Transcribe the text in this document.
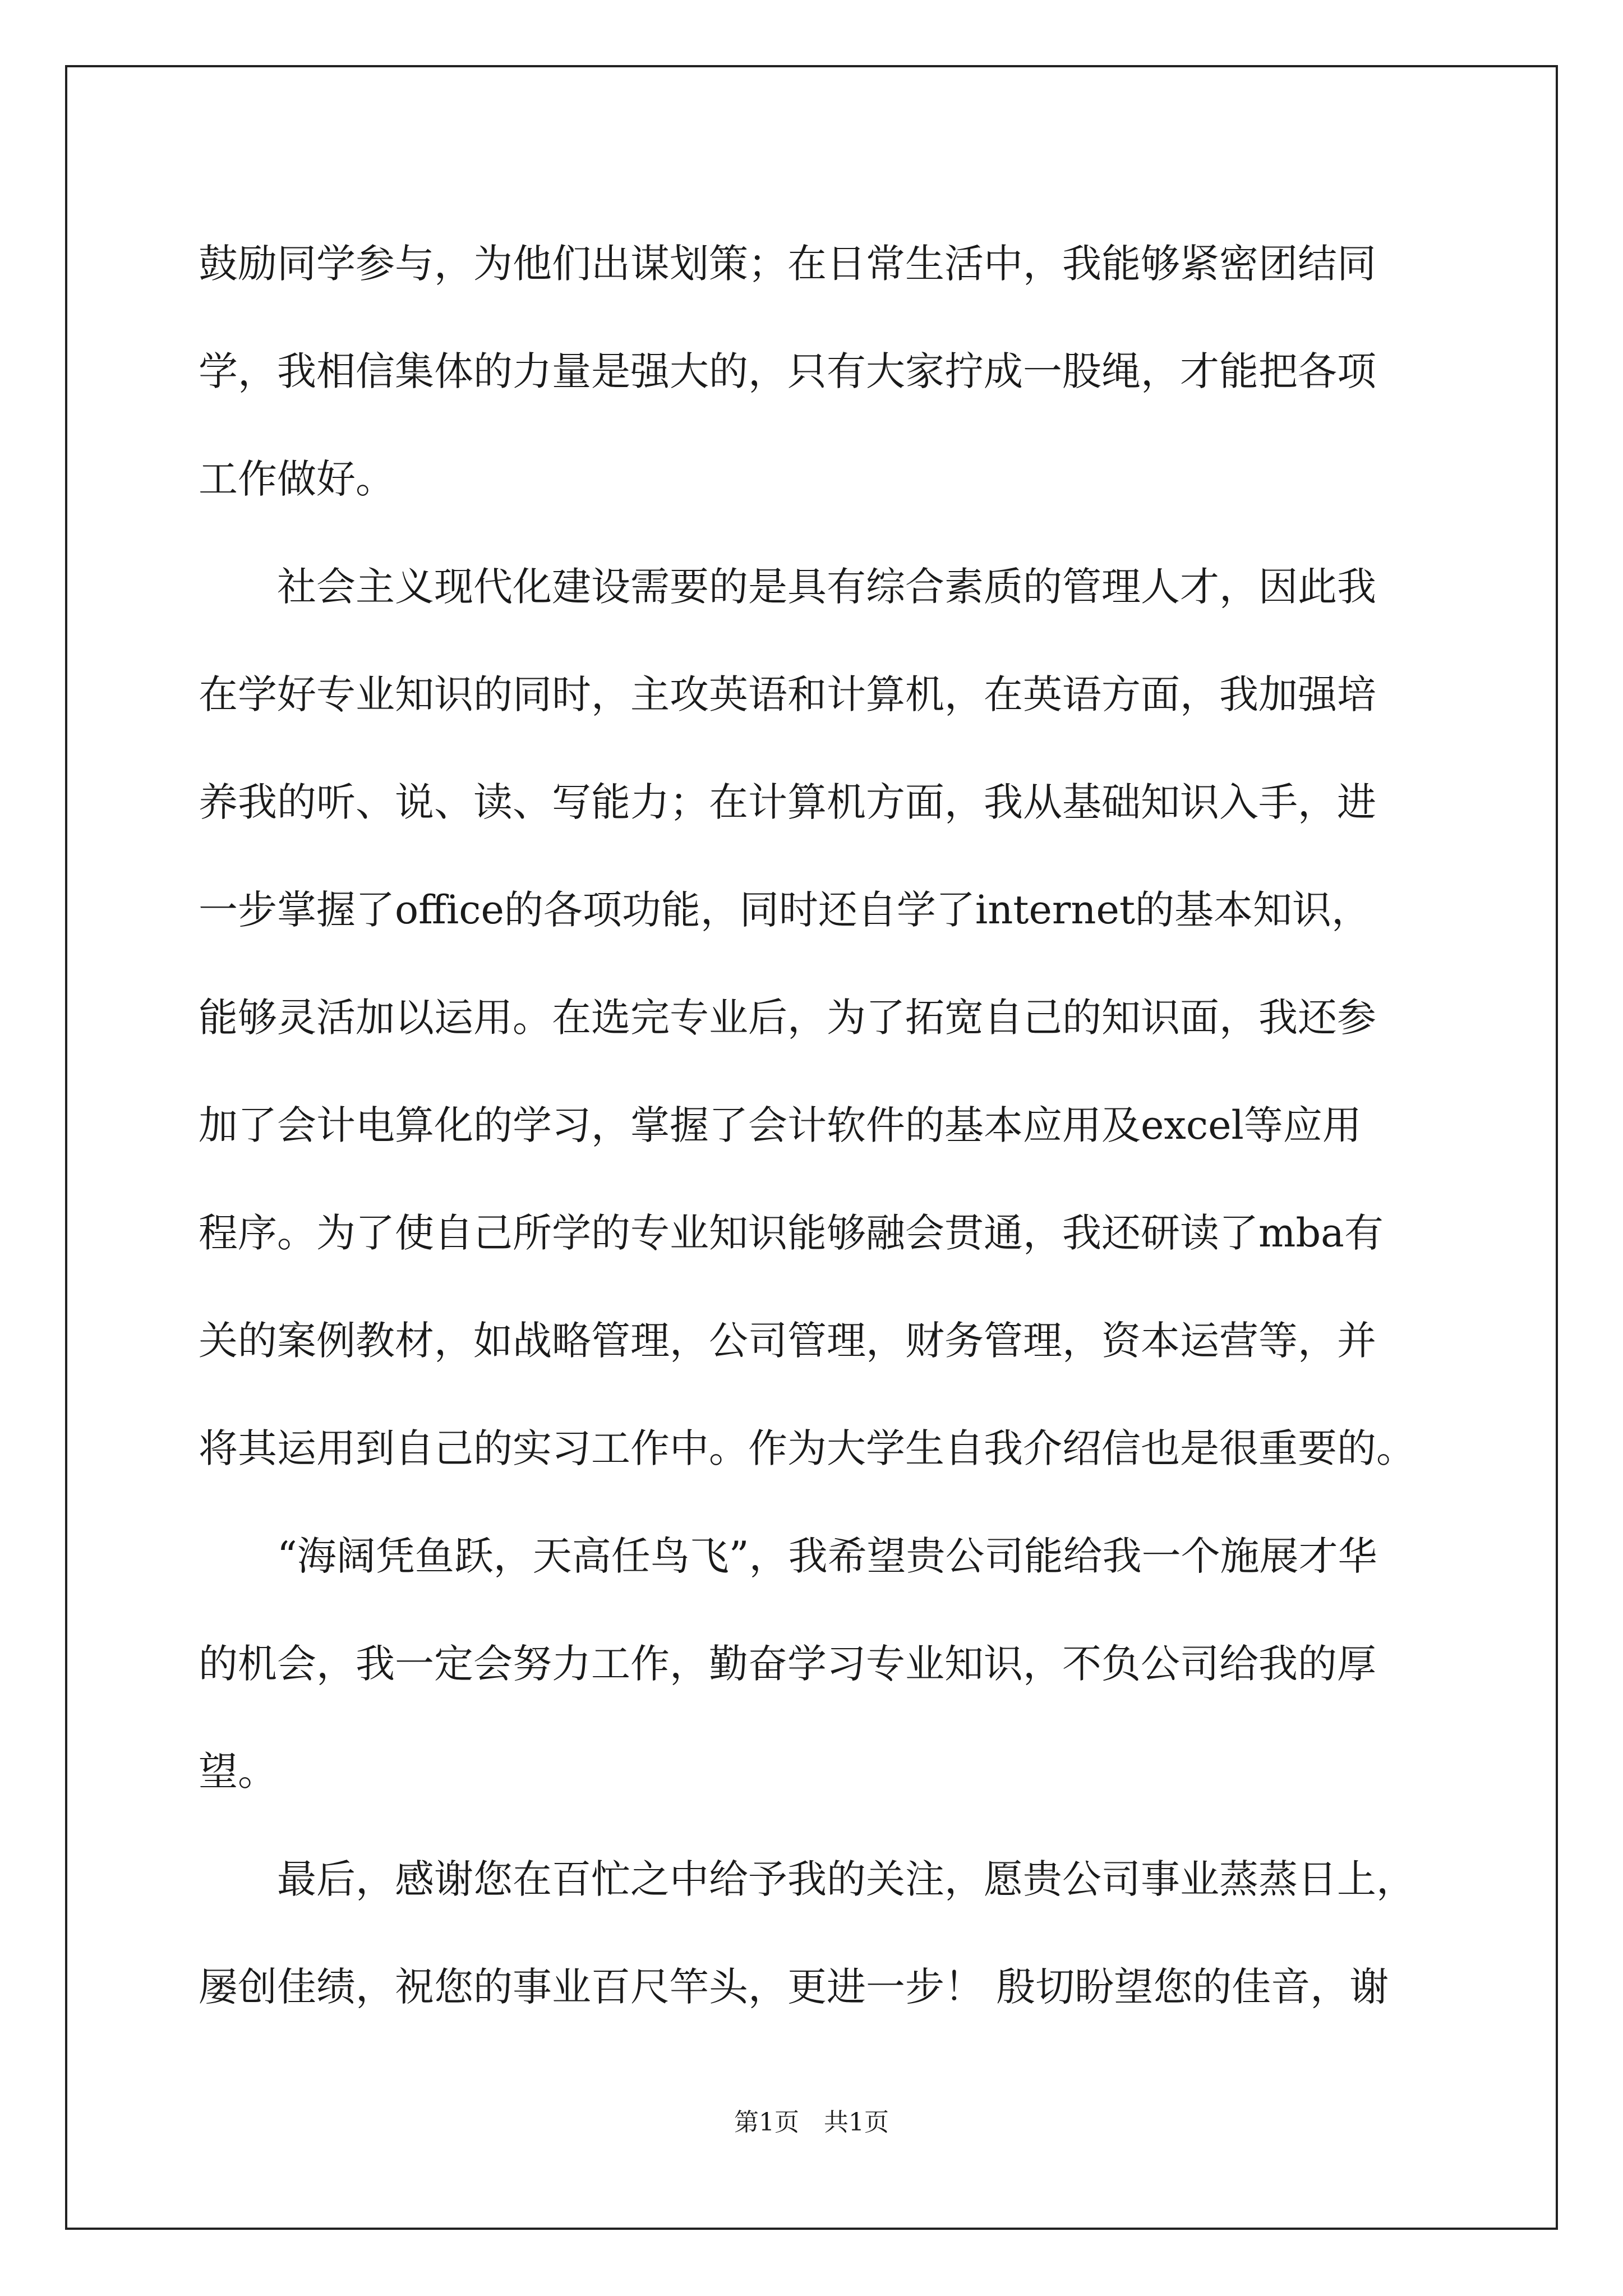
鼓励同学参与，为他们出谋划策；在日常生活中，我能够紧密团结同
学，我相信集体的力量是强大的，只有大家拧成一股绳，才能把各项
工作做好。
　　社会主义现代化建设需要的是具有综合素质的管理人才，因此我
在学好专业知识的同时，主攻英语和计算机，在英语方面，我加强培
养我的听、说、读、写能力；在计算机方面，我从基础知识入手，进
一步掌握了office的各项功能，同时还自学了internet的基本知识，
能够灵活加以运用。在选完专业后，为了拓宽自己的知识面，我还参
加了会计电算化的学习，掌握了会计软件的基本应用及excel等应用
程序。为了使自己所学的专业知识能够融会贯通，我还研读了mba有
关的案例教材，如战略管理，公司管理，财务管理，资本运营等，并
将其运用到自己的实习工作中。作为大学生自我介绍信也是很重要的。
　　“海阔凭鱼跃，天高任鸟飞”，我希望贵公司能给我一个施展才华
的机会，我一定会努力工作，勤奋学习专业知识，不负公司给我的厚
望。
　　最后，感谢您在百忙之中给予我的关注，愿贵公司事业蒸蒸日上，
屡创佳绩，祝您的事业百尺竿头，更进一步！ 殷切盼望您的佳音，谢
第1页　共1页
